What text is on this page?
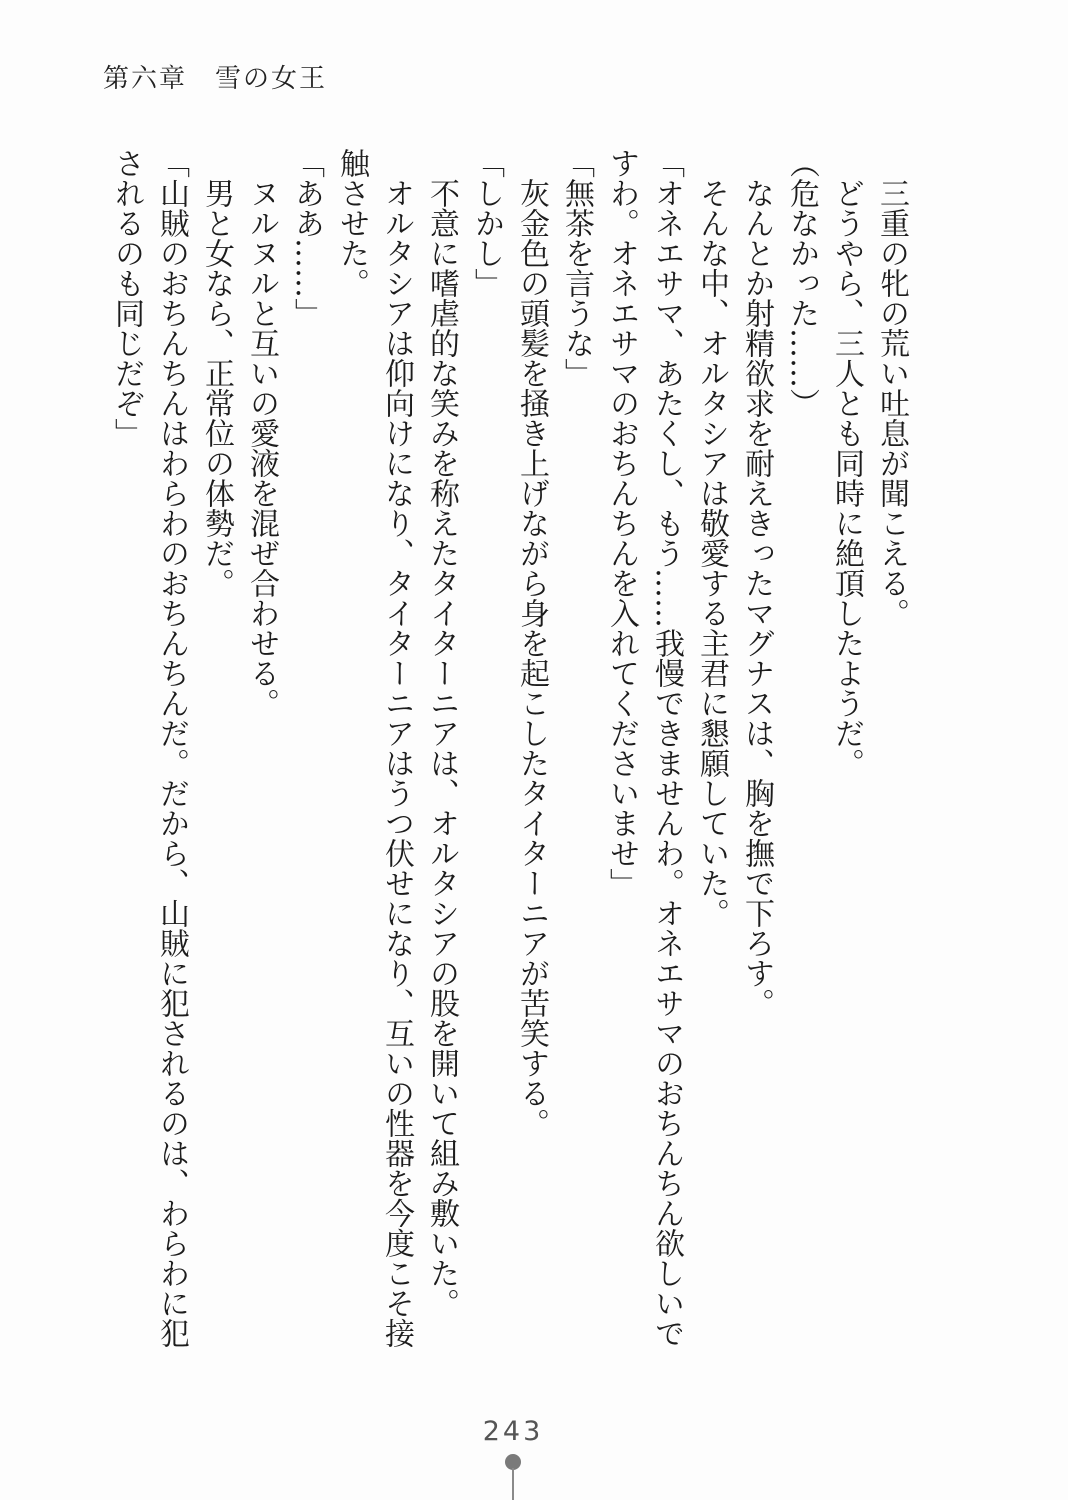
第六章　雪の女王

三重の牝の荒い吐息が聞こえる。

どうやら、三人とも同時に絶頂したようだ。

（危なかった……）

なんとか射精欲求を耐えきったマグナスは、胸を撫で下ろす。

そんな中、オルタシアは敬愛する主君に懇願していた。

「オネエサマ、あたくし、もう……我慢できませんわ。オネエサマのおちんちん欲しいですわ。オネエサマのおちんちんを入れてくださいませ」

「無茶を言うな」

灰金色の頭髪を掻き上げながら身を起こしたタイターニアが苦笑する。

「しかし」

不意に嗜虐的な笑みを称えたタイターニアは、オルタシアの股を開いて組み敷いた。

オルタシアは仰向けになり、タイターニアはうつ伏せになり、互いの性器を今度こそ接触させた。

「ああ……」

ヌルヌルと互いの愛液を混ぜ合わせる。

男と女なら、正常位の体勢だ。

「山賊のおちんちんはわらわのおちんちんだ。だから、山賊に犯されるのは、わらわに犯されるのも同じだぞ」

243
